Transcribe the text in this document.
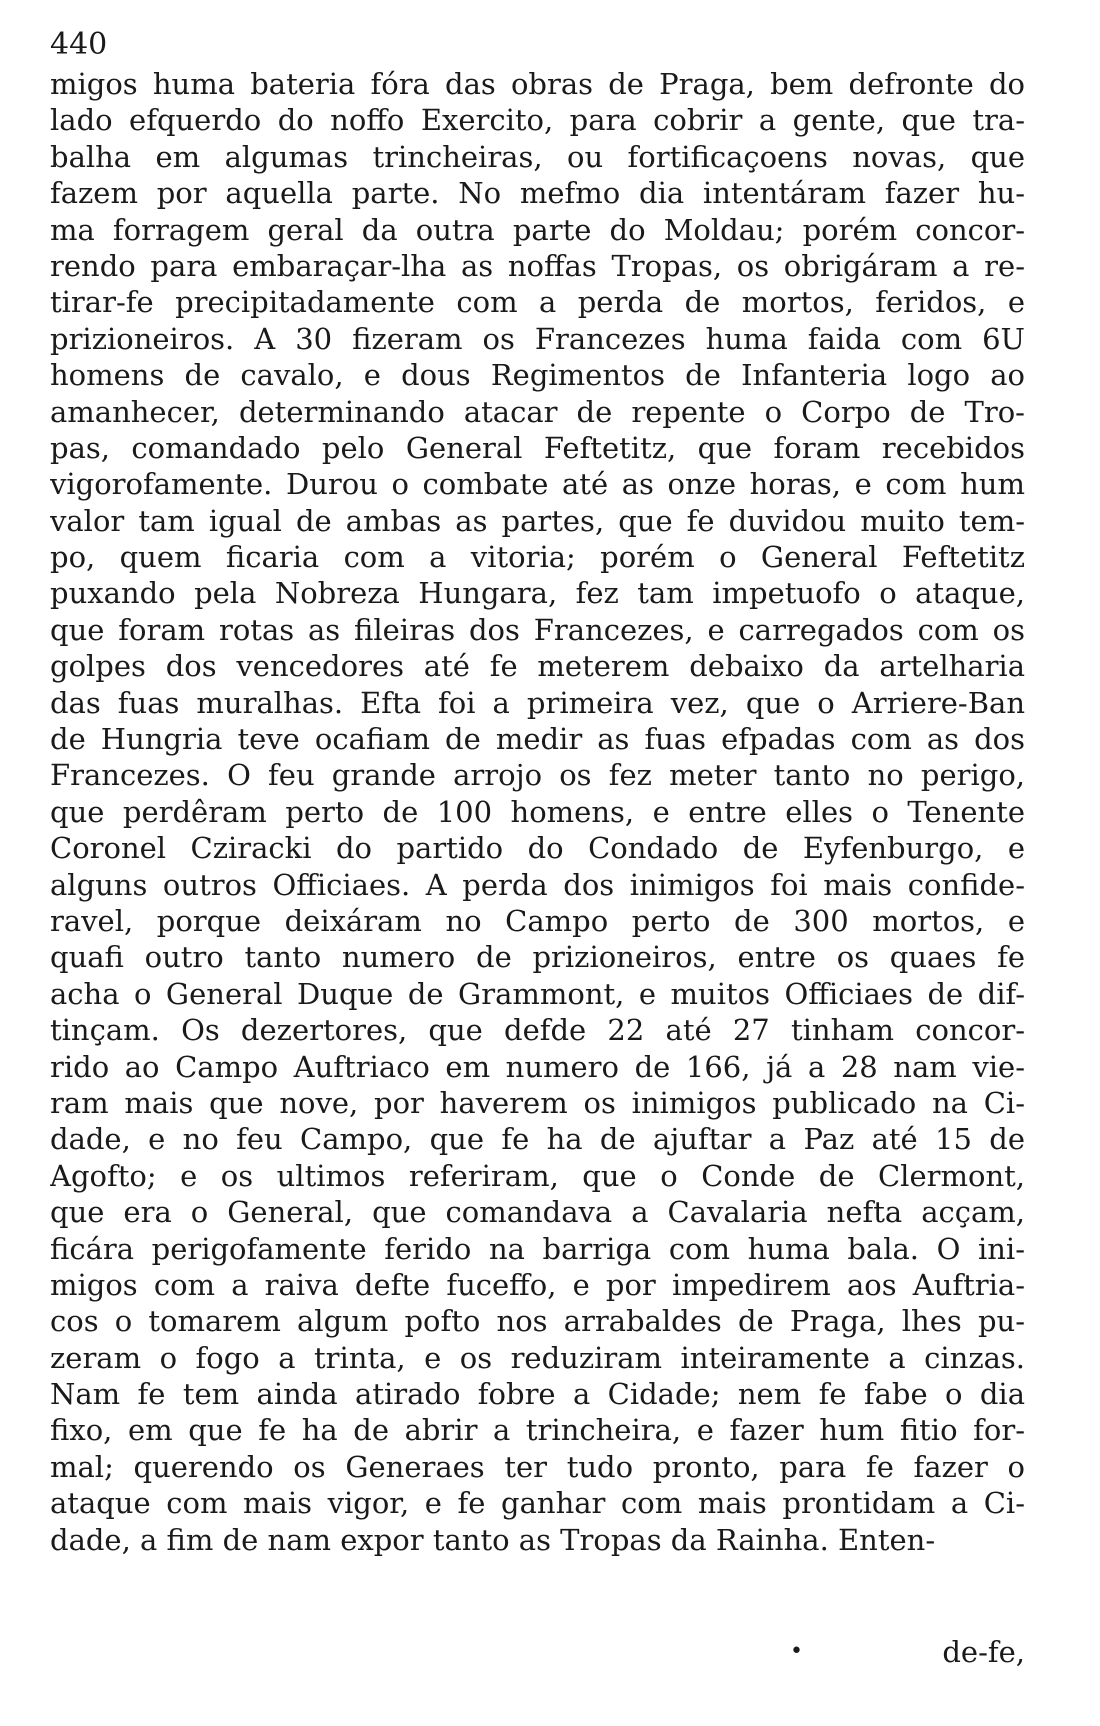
440
migos huma bateria fóra das obras de Praga, bem defronte do
lado efquerdo do noffo Exercito, para cobrir a gente, que tra-
balha em algumas trincheiras, ou fortificaçoens novas, que
fazem por aquella parte. No mefmo dia intentáram fazer hu-
ma forragem geral da outra parte do Moldau; porém concor-
rendo para embaraçar-lha as noffas Tropas, os obrigáram a re-
tirar-fe precipitadamente com a perda de mortos, feridos, e
prizioneiros. A 30 fizeram os Francezes huma faida com 6U
homens de cavalo, e dous Regimentos de Infanteria logo ao
amanhecer, determinando atacar de repente o Corpo de Tro-
pas, comandado pelo General Feftetitz, que foram recebidos
vigorofamente. Durou o combate até as onze horas, e com hum
valor tam igual de ambas as partes, que fe duvidou muito tem-
po, quem ficaria com a vitoria; porém o General Feftetitz
puxando pela Nobreza Hungara, fez tam impetuofo o ataque,
que foram rotas as fileiras dos Francezes, e carregados com os
golpes dos vencedores até fe meterem debaixo da artelharia
das fuas muralhas. Efta foi a primeira vez, que o Arriere-Ban
de Hungria teve ocafiam de medir as fuas efpadas com as dos
Francezes. O feu grande arrojo os fez meter tanto no perigo,
que perdêram perto de 100 homens, e entre elles o Tenente
Coronel Cziracki do partido do Condado de Eyfenburgo, e
alguns outros Officiaes. A perda dos inimigos foi mais confide-
ravel, porque deixáram no Campo perto de 300 mortos, e
quafi outro tanto numero de prizioneiros, entre os quaes fe
acha o General Duque de Grammont, e muitos Officiaes de dif-
tinçam. Os dezertores, que defde 22 até 27 tinham concor-
rido ao Campo Auftriaco em numero de 166, já a 28 nam vie-
ram mais que nove, por haverem os inimigos publicado na Ci-
dade, e no feu Campo, que fe ha de ajuftar a Paz até 15 de
Agofto; e os ultimos referiram, que o Conde de Clermont,
que era o General, que comandava a Cavalaria nefta acçam,
ficára perigofamente ferido na barriga com huma bala. O ini-
migos com a raiva defte fuceffo, e por impedirem aos Auftria-
cos o tomarem algum pofto nos arrabaldes de Praga, lhes pu-
zeram o fogo a trinta, e os reduziram inteiramente a cinzas.
Nam fe tem ainda atirado fobre a Cidade; nem fe fabe o dia
fixo, em que fe ha de abrir a trincheira, e fazer hum fitio for-
mal; querendo os Generaes ter tudo pronto, para fe fazer o
ataque com mais vigor, e fe ganhar com mais prontidam a Ci-
dade, a fim de nam expor tanto as Tropas da Rainha. Enten-
•	de-fe,
